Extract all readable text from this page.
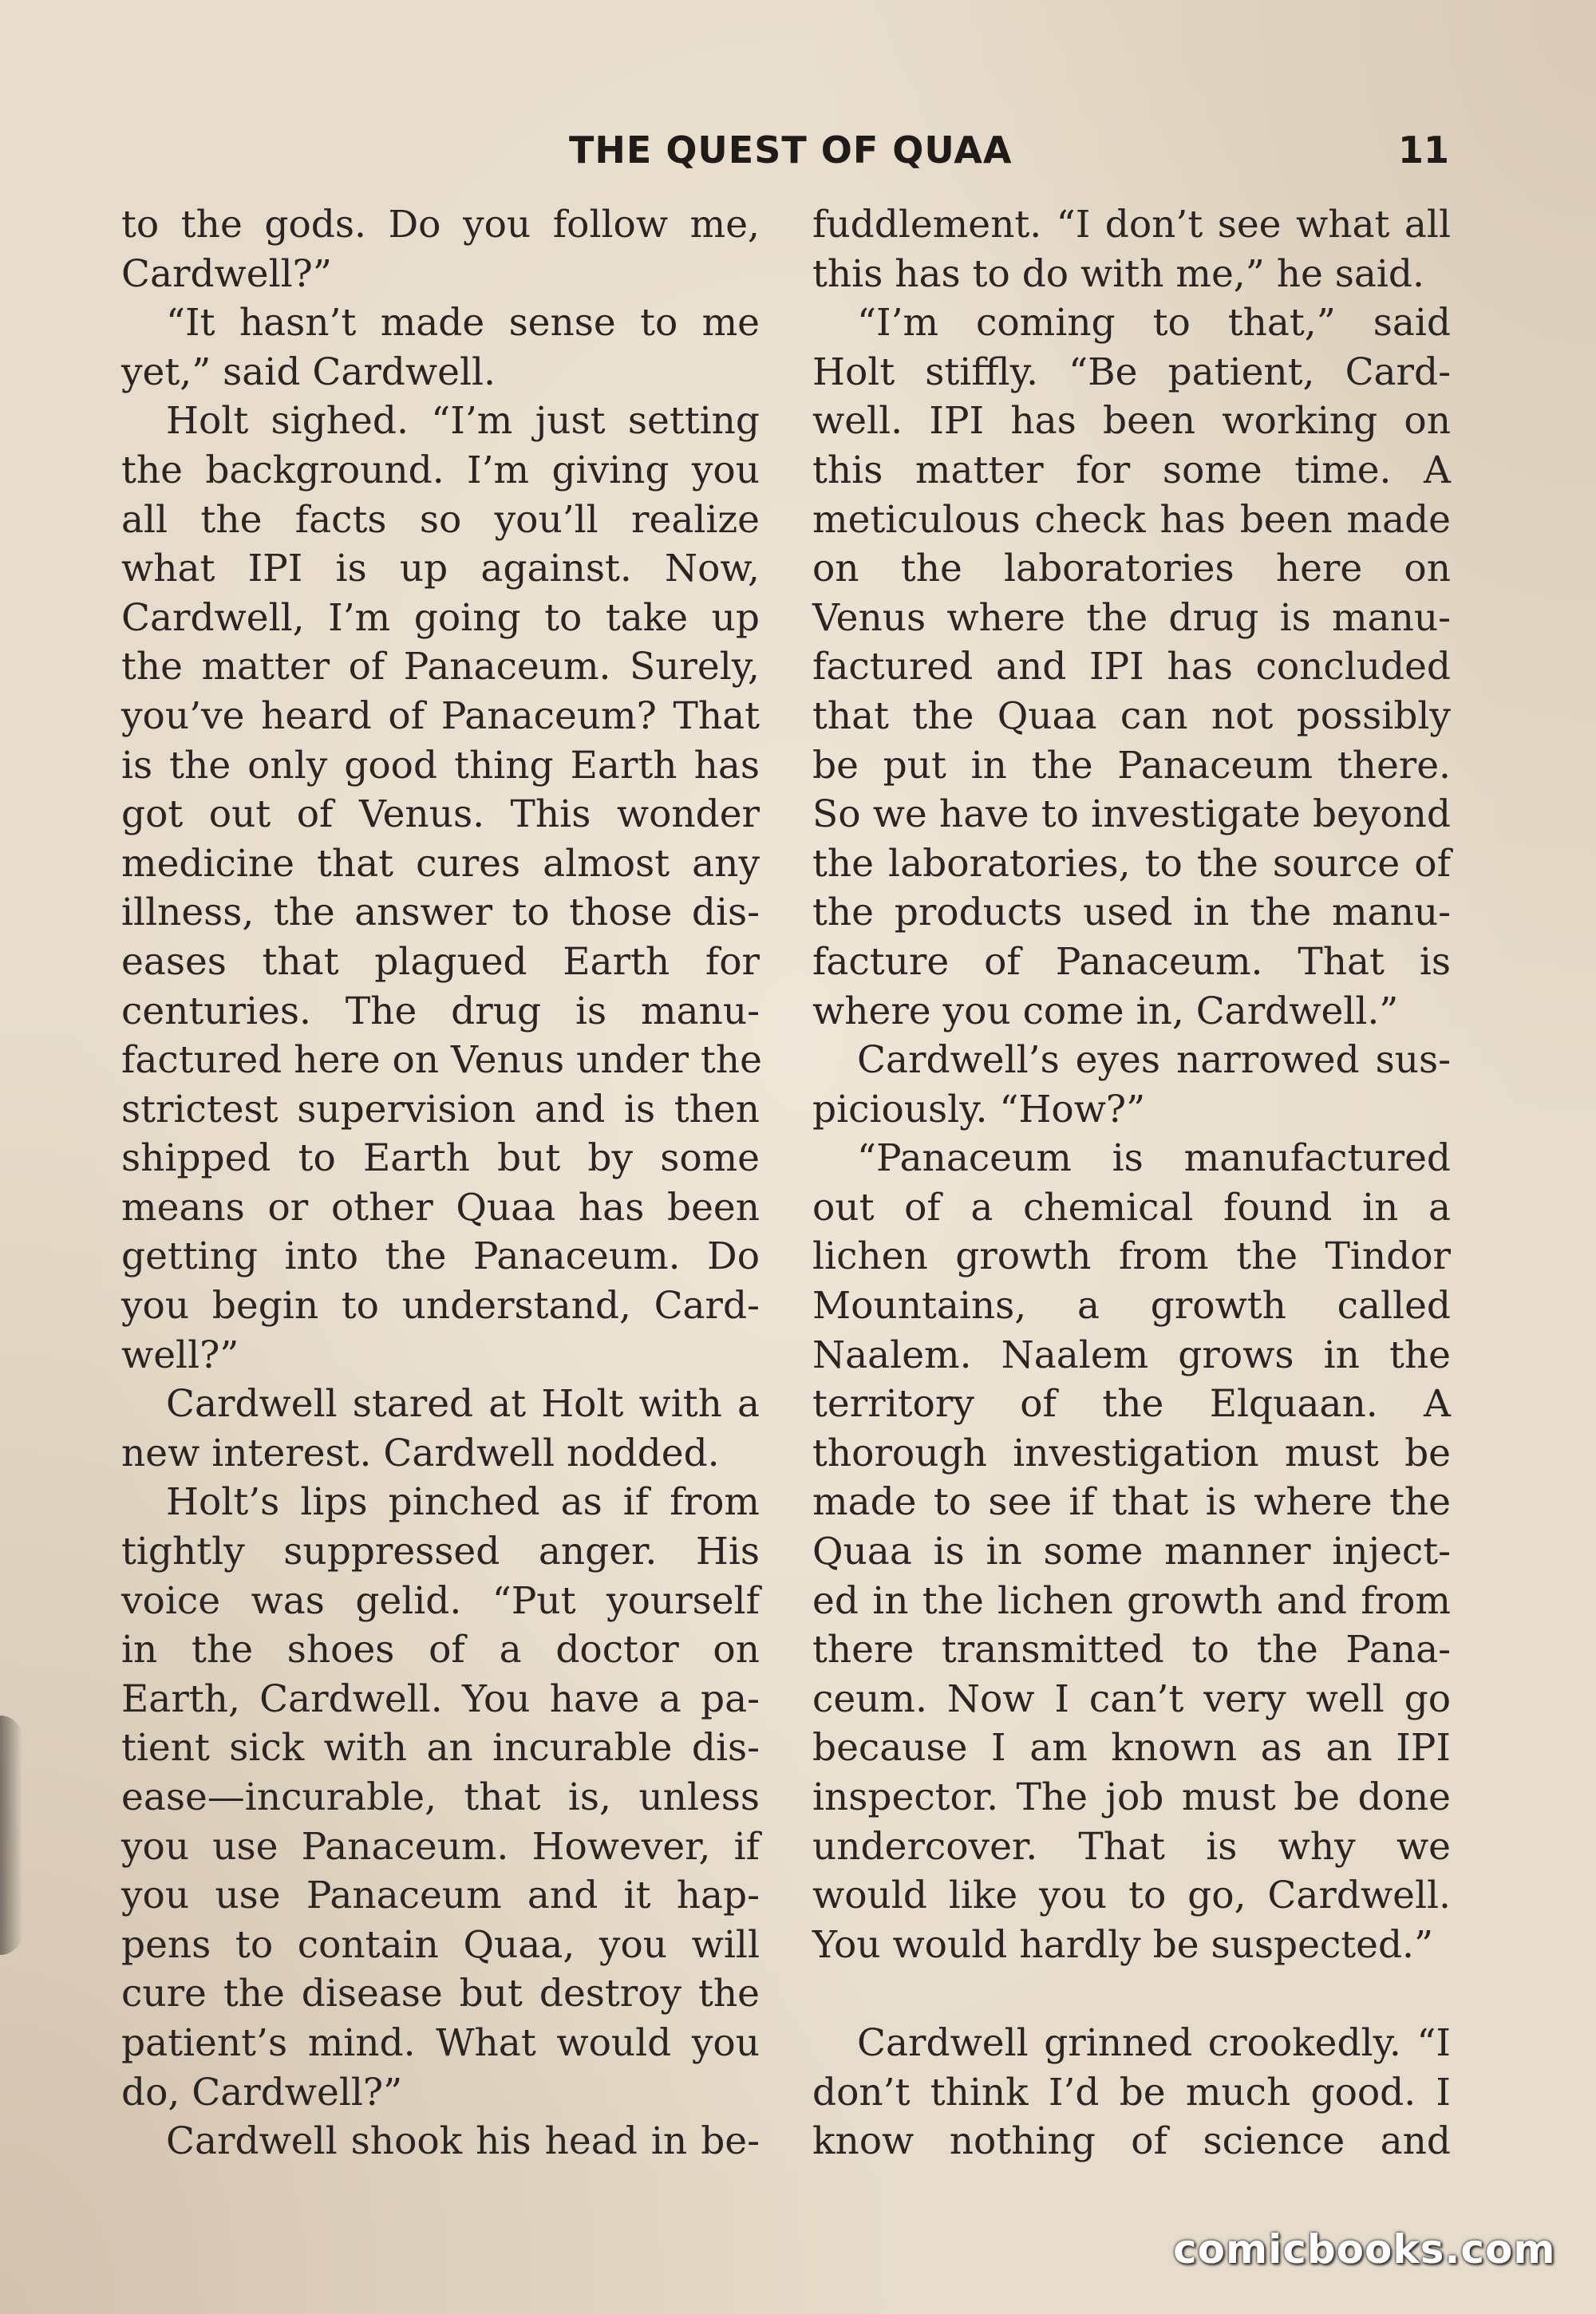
THE QUEST OF QUAA	11
to the gods. Do you follow me,
Cardwell?”
“It hasn’t made sense to me
yet,” said Cardwell.
Holt sighed. “I’m just setting
the background. I’m giving you
all the facts so you’ll realize
what IPI is up against. Now,
Cardwell, I’m going to take up
the matter of Panaceum. Surely,
you’ve heard of Panaceum? That
is the only good thing Earth has
got out of Venus. This wonder
medicine that cures almost any
illness, the answer to those dis-
eases that plagued Earth for
centuries. The drug is manu-
factured here on Venus under the
strictest supervision and is then
shipped to Earth but by some
means or other Quaa has been
getting into the Panaceum. Do
you begin to understand, Card-
well?”
Cardwell stared at Holt with a
new interest. Cardwell nodded.
Holt’s lips pinched as if from
tightly suppressed anger. His
voice was gelid. “Put yourself
in the shoes of a doctor on
Earth, Cardwell. You have a pa-
tient sick with an incurable dis-
ease—incurable, that is, unless
you use Panaceum. However, if
you use Panaceum and it hap-
pens to contain Quaa, you will
cure the disease but destroy the
patient’s mind. What would you
do, Cardwell?”
Cardwell shook his head in be-
fuddlement. “I don’t see what all
this has to do with me,” he said.
“I’m coming to that,” said
Holt stiffly. “Be patient, Card-
well. IPI has been working on
this matter for some time. A
meticulous check has been made
on the laboratories here on
Venus where the drug is manu-
factured and IPI has concluded
that the Quaa can not possibly
be put in the Panaceum there.
So we have to investigate beyond
the laboratories, to the source of
the products used in the manu-
facture of Panaceum. That is
where you come in, Cardwell.”
Cardwell’s eyes narrowed sus-
piciously. “How?”
“Panaceum is manufactured
out of a chemical found in a
lichen growth from the Tindor
Mountains, a growth called
Naalem. Naalem grows in the
territory of the Elquaan. A
thorough investigation must be
made to see if that is where the
Quaa is in some manner inject-
ed in the lichen growth and from
there transmitted to the Pana-
ceum. Now I can’t very well go
because I am known as an IPI
inspector. The job must be done
undercover. That is why we
would like you to go, Cardwell.
You would hardly be suspected.”
Cardwell grinned crookedly. “I
don’t think I’d be much good. I
know nothing of science and
comicbooks.com
